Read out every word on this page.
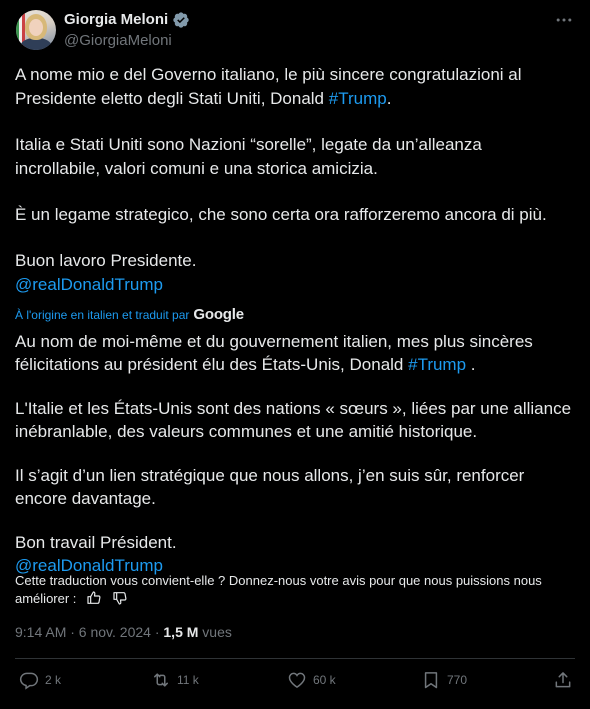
Giorgia Meloni
@GiorgiaMeloni
A nome mio e del Governo italiano, le più sincere congratulazioni al Presidente eletto degli Stati Uniti, Donald #Trump.
Italia e Stati Uniti sono Nazioni “sorelle”, legate da un’alleanza incrollabile, valori comuni e una storica amicizia.
È un legame strategico, che sono certa ora rafforzeremo ancora di più.
Buon lavoro Presidente.
@realDonaldTrump
À l'origine en italien et traduit par Google
Au nom de moi-même et du gouvernement italien, mes plus sincères félicitations au président élu des États-Unis, Donald #Trump .
L'Italie et les États-Unis sont des nations « sœurs », liées par une alliance inébranlable, des valeurs communes et une amitié historique.
Il s’agit d’un lien stratégique que nous allons, j’en suis sûr, renforcer encore davantage.
Bon travail Président.
@realDonaldTrump
Cette traduction vous convient-elle ? Donnez-nous votre avis pour que nous puissions nous améliorer :
9:14 AM · 6 nov. 2024 · 1,5 M vues
2 k	11 k	60 k	770
